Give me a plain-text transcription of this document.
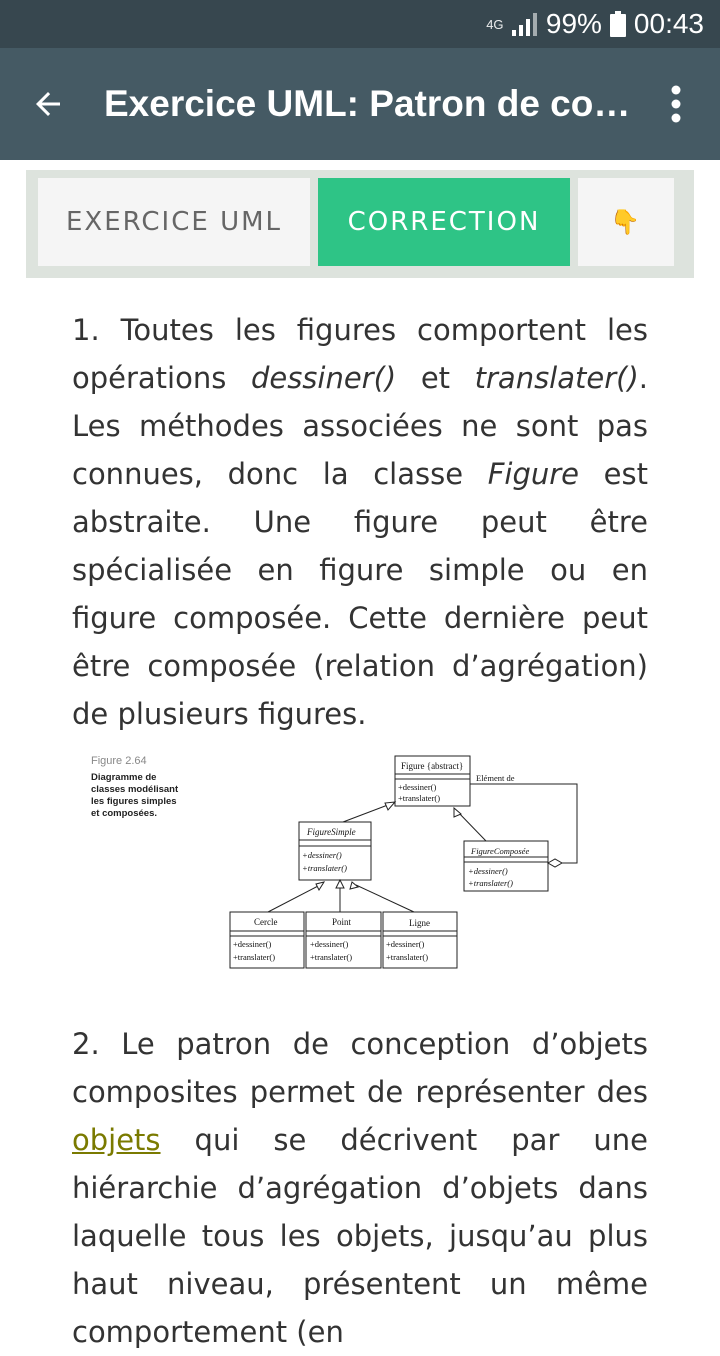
4G 99% 00:43
Exercice UML: Patron de co…
EXERCICE UML	CORRECTION	👇

1. Toutes les figures comportent les opérations dessiner() et translater(). Les méthodes associées ne sont pas connues, donc la classe Figure est abstraite. Une figure peut être spécialisée en figure simple ou en figure composée. Cette dernière peut être composée (relation d’agrégation) de plusieurs figures.

Figure 2.64
Diagramme de
classes modélisant
les figures simples
et composées.
Figure {abstract}
+dessiner()
+translater()
FigureSimple
+dessiner()
+translater()
FigureComposée
+dessiner()
+translater()
Cercle
+dessiner()
+translater()
Point
+dessiner()
+translater()
Ligne
+dessiner()
+translater()
Elément de
2. Le patron de conception d’objets composites permet de représenter des objets qui se décrivent par une hiérarchie d’agrégation d’objets dans laquelle tous les objets, jusqu’au plus haut niveau, présentent un même comportement (en
